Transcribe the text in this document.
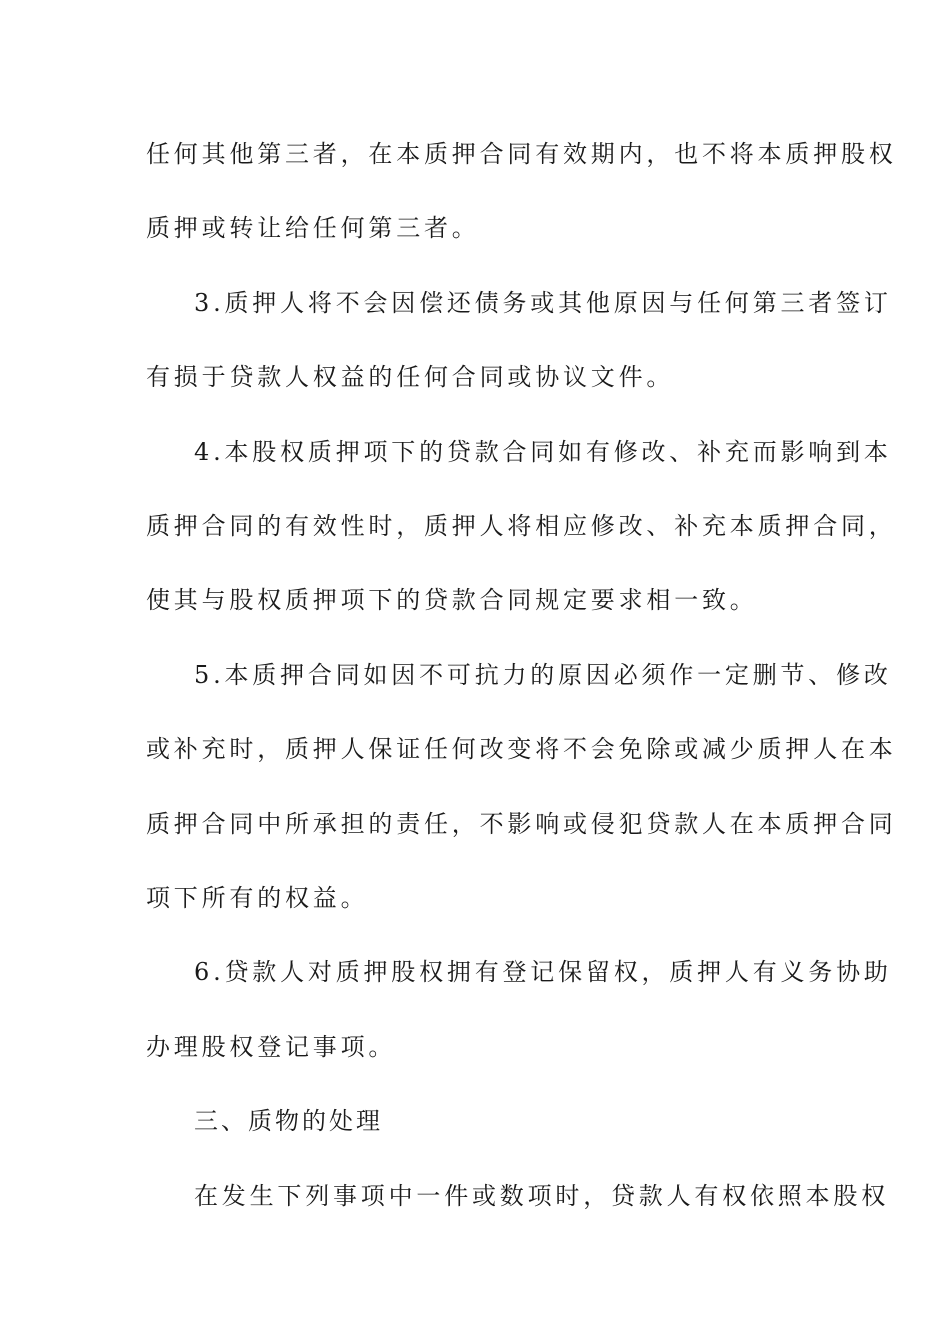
任何其他第三者，在本质押合同有效期内，也不将本质押股权
质押或转让给任何第三者。
3.质押人将不会因偿还债务或其他原因与任何第三者签订
有损于贷款人权益的任何合同或协议文件。
4.本股权质押项下的贷款合同如有修改、补充而影响到本
质押合同的有效性时，质押人将相应修改、补充本质押合同，
使其与股权质押项下的贷款合同规定要求相一致。
5.本质押合同如因不可抗力的原因必须作一定删节、修改
或补充时，质押人保证任何改变将不会免除或减少质押人在本
质押合同中所承担的责任，不影响或侵犯贷款人在本质押合同
项下所有的权益。
6.贷款人对质押股权拥有登记保留权，质押人有义务协助
办理股权登记事项。
三、质物的处理
在发生下列事项中一件或数项时，贷款人有权依照本股权
